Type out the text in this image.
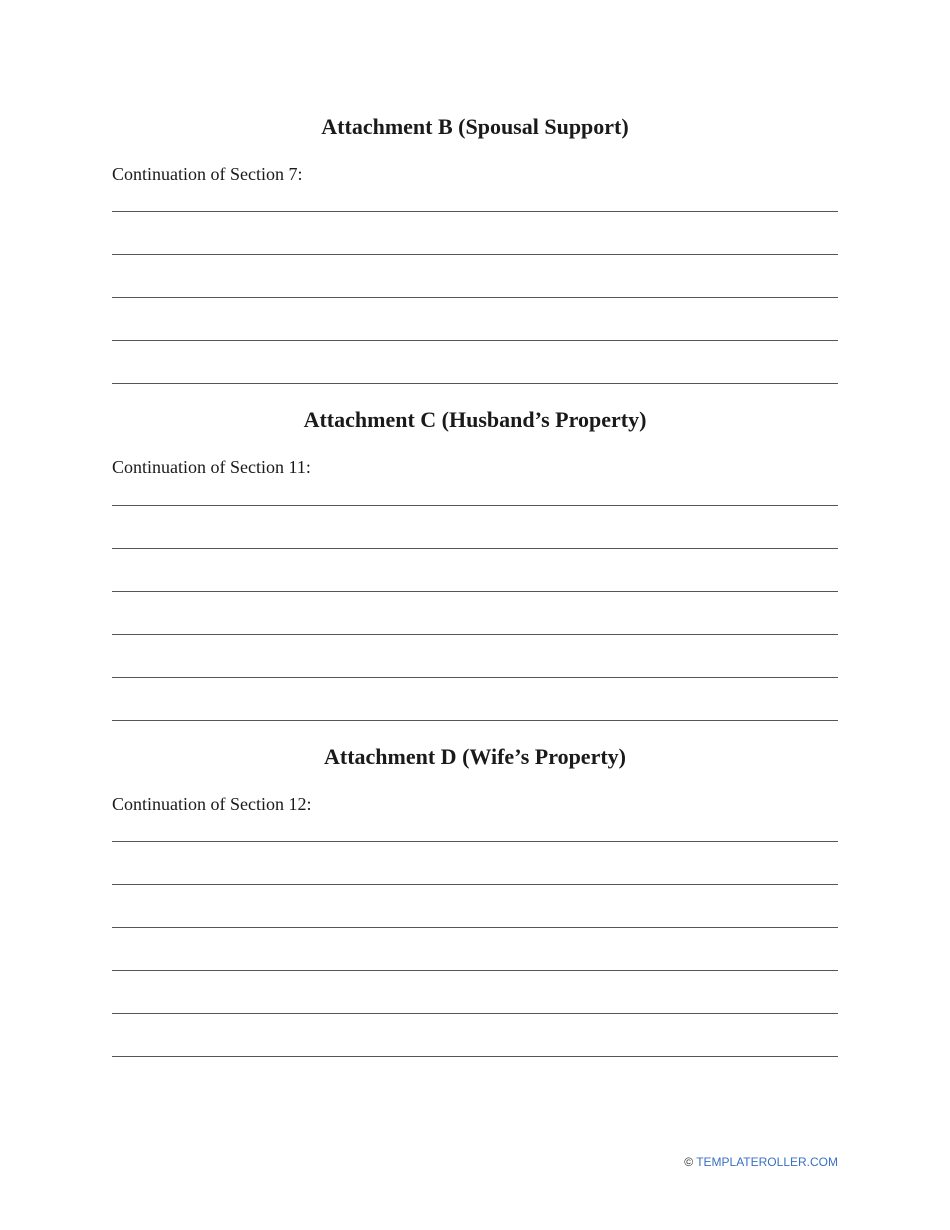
Attachment B (Spousal Support)

Continuation of Section 7:

Attachment C (Husband’s Property)

Continuation of Section 11:

Attachment D (Wife’s Property)

Continuation of Section 12:

© TEMPLATEROLLER.COM
